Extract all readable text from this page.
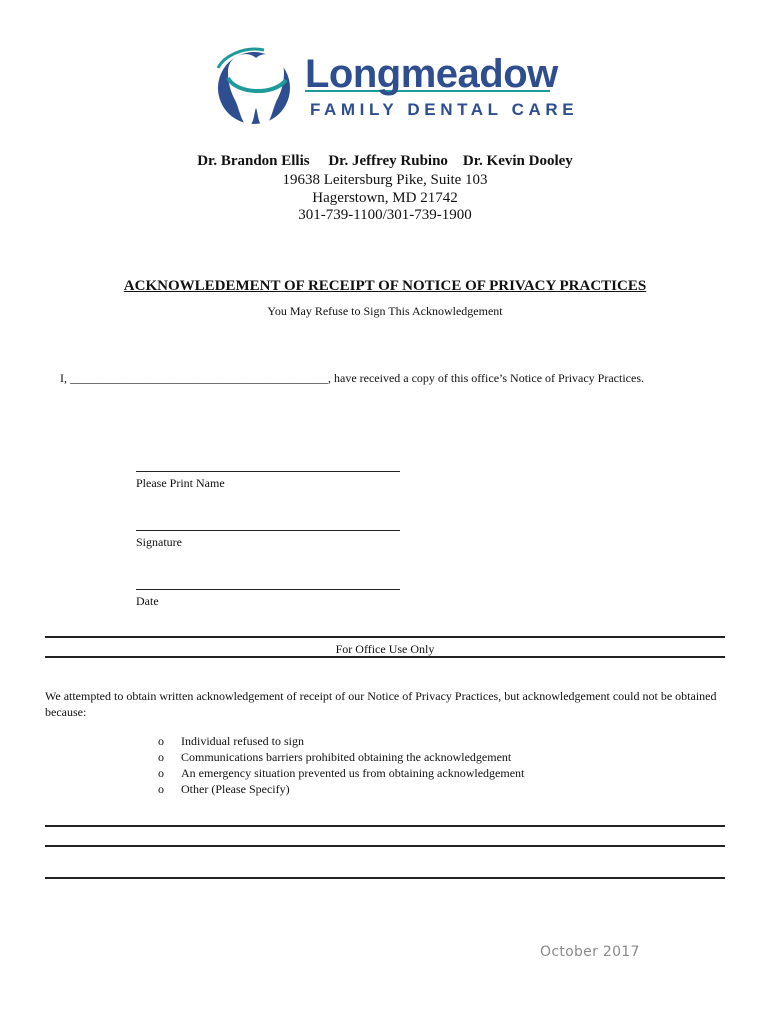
Longmeadow
FAMILY DENTAL CARE
Dr. Brandon Ellis     Dr. Jeffrey Rubino    Dr. Kevin Dooley
19638 Leitersburg Pike, Suite 103
Hagerstown, MD 21742
301-739-1100/301-739-1900
ACKNOWLEDEMENT OF RECEIPT OF NOTICE OF PRIVACY PRACTICES
You May Refuse to Sign This Acknowledgement
I, ___________________________________________, have received a copy of this office’s Notice of Privacy Practices.
Please Print Name
Signature
Date
For Office Use Only
We attempted to obtain written acknowledgement of receipt of our Notice of Privacy Practices, but acknowledgement could not be obtained because:
o	Individual refused to sign
o	Communications barriers prohibited obtaining the acknowledgement
o	An emergency situation prevented us from obtaining acknowledgement
o	Other (Please Specify)
October 2017
